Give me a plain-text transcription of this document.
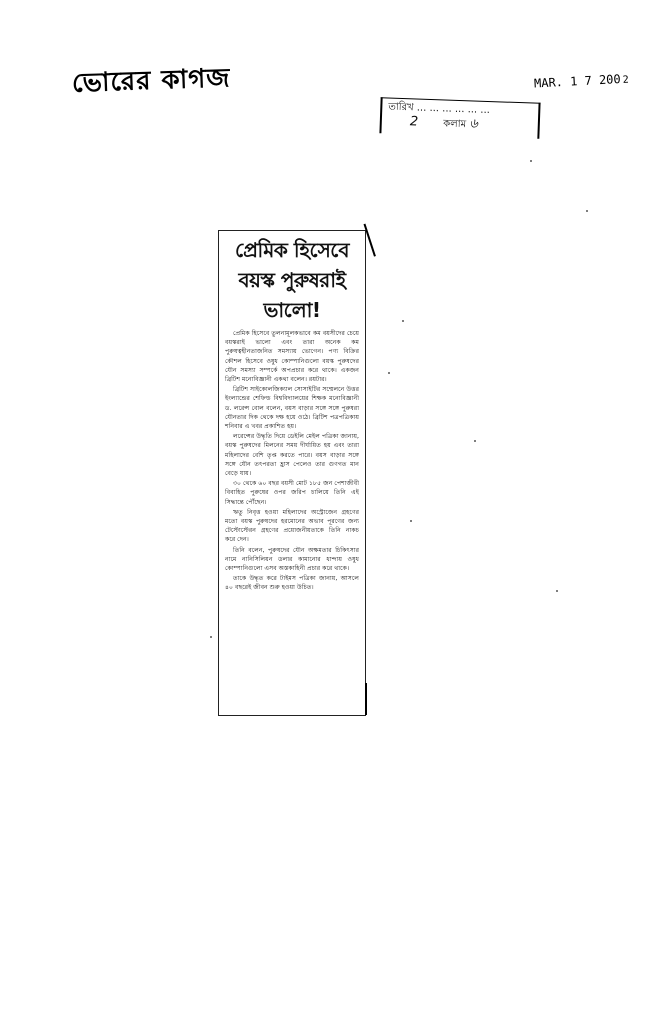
ভোরের কাগজ	MAR. 1 7 2002
তারিখ ... ... ... ... ... ...
2 কলাম ৬
প্রেমিক হিসেবে
বয়স্ক পুরুষরাই
ভালো!

প্রেমিক হিসেবে তুলনামূলকভাবে কম বয়সীদের চেয়ে বয়স্করাই ভালো এবং তারা অনেক কম পুরুষত্বহীনতাজনিত সমস্যায় ভোগেন। পণ্য বিক্রির কৌশল হিসেবে ওষুধ কোম্পানিগুলো বয়স্ক পুরুষদের যৌন সমস্যা সম্পর্কে অপপ্রচার করে থাকে। একজন ব্রিটিশ মনোবিজ্ঞানী একথা বলেন। রয়টার।

ব্রিটিশ সাইকোলজিক্যাল সোসাইটির সম্মেলনে উত্তর ইংল্যান্ডের শেফিল্ড বিশ্ববিদ্যালয়ের শিক্ষক মনোবিজ্ঞানী ড. লরেন্স বোল বলেন, বয়স বাড়ার সঙ্গে সঙ্গে পুরুষরা যৌনতার দিক থেকে দক্ষ হয়ে ওঠে। ব্রিটিশ পত্রপত্রিকায় শনিবার এ খবর প্রকাশিত হয়।

লরেন্সের উদ্ধৃতি দিয়ে ডেইলি মেইল পত্রিকা জানায়, বয়স্ক পুরুষদের মিলনের সময় দীর্ঘায়িত হয় এবং তারা মহিলাদের বেশি তৃপ্ত করতে পারে। বয়স বাড়ার সঙ্গে সঙ্গে যৌন তৎপরতা হ্রাস পেলেও তার গুণগত মান বেড়ে যায়।

৩০ থেকে ৬০ বছর বয়সী মোট ১৮৫ জন পেশাজীবী বিবাহিত পুরুষের ওপর জরিপ চালিয়ে তিনি এই সিদ্ধান্তে পৌঁছেন।

ঋতু নিবৃত্ত হওয়া মহিলাদের অস্ট্রোজেন গ্রহণের মতো বয়স্ক পুরুষদের হরমোনের অভাব পূরণের জন্য টেস্টোস্টেরন গ্রহণের প্রয়োজনীয়তাকে তিনি নাকচ করে দেন।

তিনি বলেন, পুরুষদের যৌন অক্ষমতার চিকিৎসার নামে নানিসিলিয়ন ডলার কামানোর ধান্দায় ওষুধ কোম্পানিগুলো এসব অস্তকাহিনী প্রচার করে থাকে।

তাকে উদ্ধৃত করে টাইমস পত্রিকা জানায়, আসলে ৪০ বছরেই জীবন শুরু হওয়া উচিত।
